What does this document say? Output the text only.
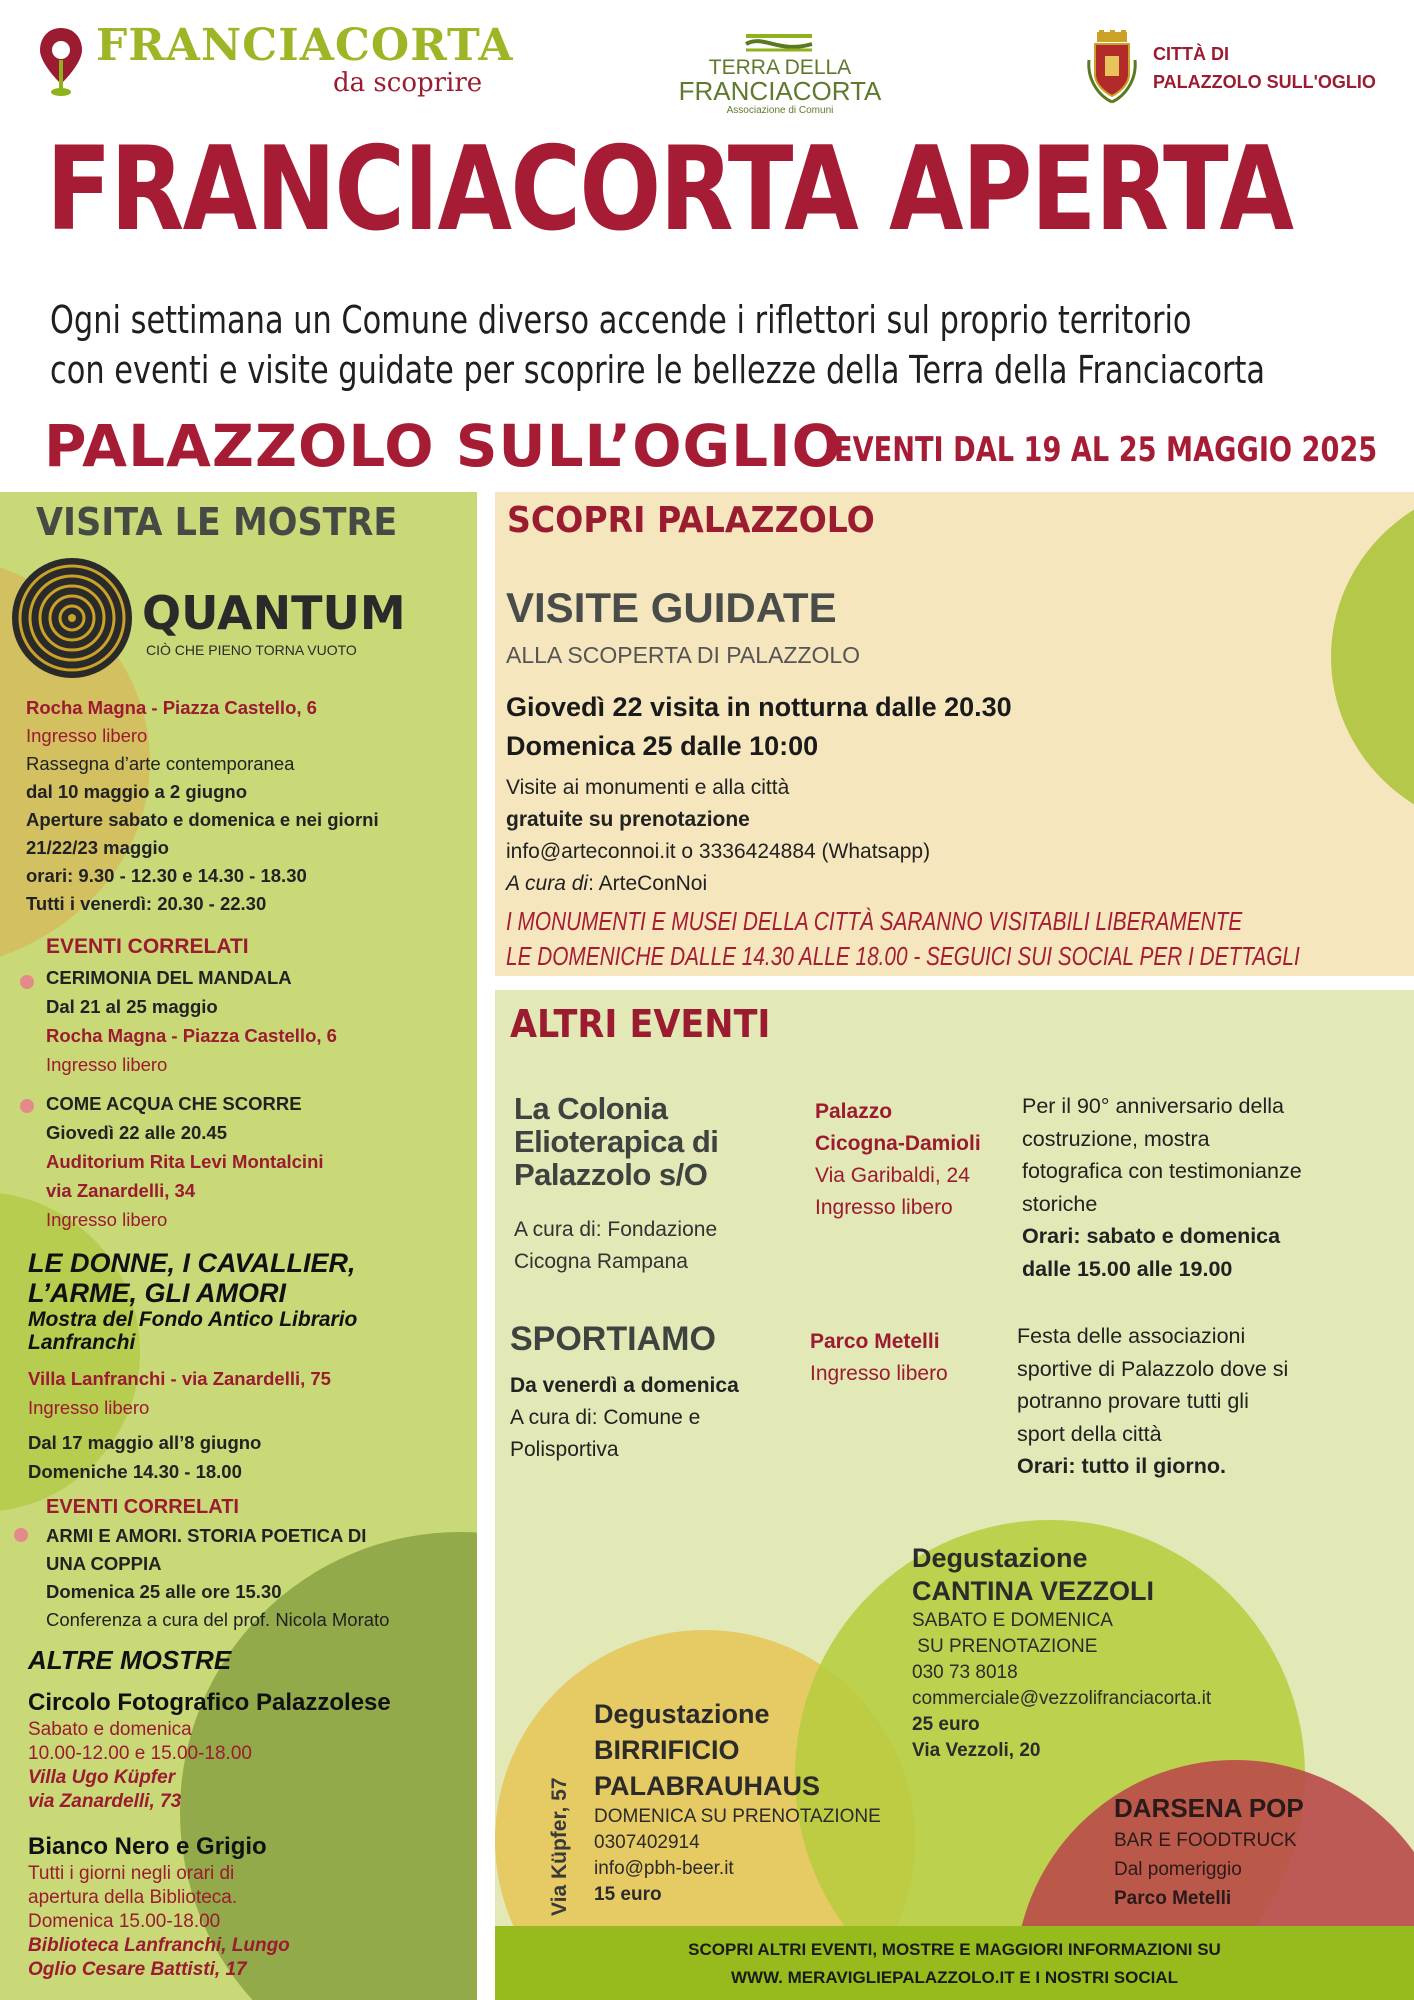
FRANCIACORTA
da scoprire
TERRA DELLA
FRANCIACORTA
Associazione di Comuni
CITTÀ DI
PALAZZOLO SULL'OGLIO
FRANCIACORTA APERTA
Ogni settimana un Comune diverso accende i riflettori sul proprio territorio
con eventi e visite guidate per scoprire le bellezze della Terra della Franciacorta
PALAZZOLO SULL’OGLIO
EVENTI DAL 19 AL 25 MAGGIO 2025
VISITA LE MOSTRE
QUANTUM
CIÒ CHE PIENO TORNA VUOTO

Rocha Magna - Piazza Castello, 6

Ingresso libero

Rassegna d’arte contemporanea

dal 10 maggio a 2 giugno

Aperture sabato e domenica e nei giorni 21/22/23 maggio

orari: 9.30 - 12.30 e 14.30 - 18.30

Tutti i venerdì: 20.30 - 22.30

EVENTI CORRELATI

CERIMONIA DEL MANDALA

Dal 21 al 25 maggio

Rocha Magna - Piazza Castello, 6

Ingresso libero

COME ACQUA CHE SCORRE

Giovedì 22 alle 20.45

Auditorium Rita Levi Montalcini

via Zanardelli, 34

Ingresso libero

LE DONNE, I CAVALLIER,

L’ARME, GLI AMORI

Mostra del Fondo Antico Librario

Lanfranchi

Villa Lanfranchi - via Zanardelli, 75

Ingresso libero

Dal 17 maggio all’8 giugno

Domeniche 14.30 - 18.00

EVENTI CORRELATI

ARMI E AMORI. STORIA POETICA DI

UNA COPPIA

Domenica 25 alle ore 15.30

Conferenza a cura del prof. Nicola Morato

ALTRE MOSTRE

Circolo Fotografico Palazzolese

Sabato e domenica

10.00-12.00 e 15.00-18.00

Villa Ugo Küpfer

via Zanardelli, 73

Bianco Nero e Grigio

Tutti i giorni negli orari di

apertura della Biblioteca.

Domenica 15.00-18.00

Biblioteca Lanfranchi, Lungo

Oglio Cesare Battisti, 17

SCOPRI PALAZZOLO
VISITE GUIDATE
ALLA SCOPERTA DI PALAZZOLO

Giovedì 22 visita in notturna dalle 20.30

Domenica 25 dalle 10:00

Visite ai monumenti e alla città

gratuite su prenotazione

info@arteconnoi.it o 3336424884 (Whatsapp)

A cura di: ArteConNoi

I MONUMENTI E MUSEI DELLA CITTÀ SARANNO VISITABILI LIBERAMENTE

LE DOMENICHE DALLE 14.30 ALLE 18.00 - SEGUICI SUI SOCIAL PER I DETTAGLI

ALTRI EVENTI

La Colonia

Elioterapica di

Palazzolo s/O

A cura di: Fondazione

Cicogna Rampana

Palazzo

Cicogna-Damioli

Via Garibaldi, 24

Ingresso libero

Per il 90° anniversario della

costruzione, mostra

fotografica con testimonianze

storiche

Orari: sabato e domenica

dalle 15.00 alle 19.00

SPORTIAMO

Da venerdì a domenica

A cura di: Comune e

Polisportiva

Parco Metelli

Ingresso libero

Festa delle associazioni

sportive di Palazzolo dove si

potranno provare tutti gli

sport della città

Orari: tutto il giorno.

Degustazione

CANTINA VEZZOLI

SABATO E DOMENICA

SU PRENOTAZIONE

030 73 8018

commerciale@vezzolifranciacorta.it

25 euro

Via Vezzoli, 20

Via Küpfer, 57

Degustazione

BIRRIFICIO

PALABRAUHAUS

DOMENICA SU PRENOTAZIONE

0307402914

info@pbh-beer.it

15 euro

DARSENA POP

BAR E FOODTRUCK

Dal pomeriggio

Parco Metelli

SCOPRI ALTRI EVENTI, MOSTRE E MAGGIORI INFORMAZIONI SU

WWW. MERAVIGLIEPALAZZOLO.IT E I NOSTRI SOCIAL
